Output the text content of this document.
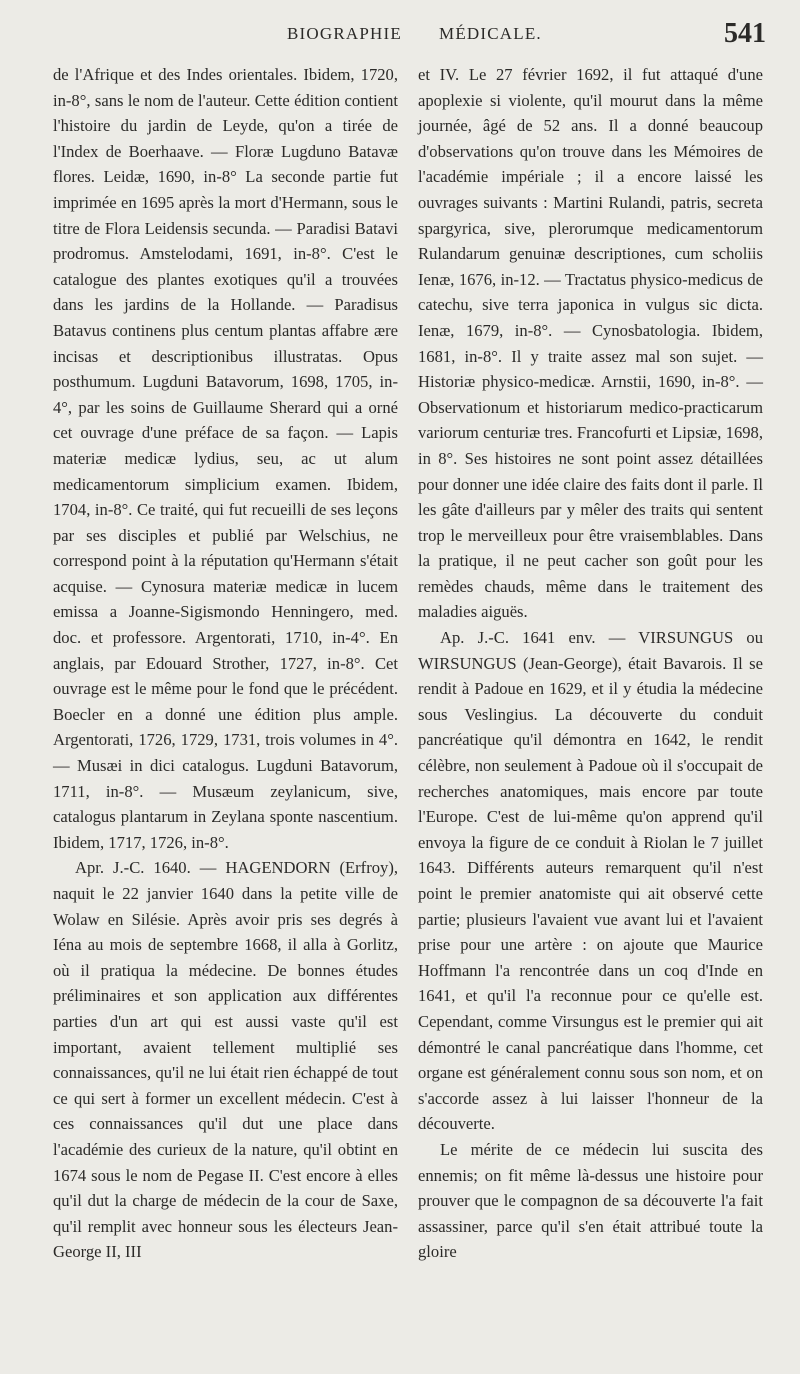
BIOGRAPHIE MÉDICALE.	541

de l'Afrique et des Indes orientales. Ibidem, 1720, in-8°, sans le nom de l'auteur. Cette édition contient l'histoire du jardin de Leyde, qu'on a tirée de l'Index de Boerhaave. — Floræ Lugduno Batavæ flores. Leidæ, 1690, in-8° La seconde partie fut imprimée en 1695 après la mort d'Hermann, sous le titre de Flora Leidensis secunda. — Paradisi Batavi prodromus. Amstelodami, 1691, in-8°. C'est le catalogue des plantes exotiques qu'il a trouvées dans les jardins de la Hollande. — Paradisus Batavus continens plus centum plantas affabre ære incisas et descriptionibus illustratas. Opus posthumum. Lugduni Batavorum, 1698, 1705, in-4°, par les soins de Guillaume Sherard qui a orné cet ouvrage d'une préface de sa façon. — Lapis materiæ medicæ lydius, seu, ac ut alum medicamentorum simplicium examen. Ibidem, 1704, in-8°. Ce traité, qui fut recueilli de ses leçons par ses disciples et publié par Welschius, ne correspond point à la réputation qu'Hermann s'était acquise. — Cynosura materiæ medicæ in lucem emissa a Joanne-Sigismondo Henningero, med. doc. et professore. Argentorati, 1710, in-4°. En anglais, par Edouard Strother, 1727, in-8°. Cet ouvrage est le même pour le fond que le précédent. Boecler en a donné une édition plus ample. Argentorati, 1726, 1729, 1731, trois volumes in 4°. — Musæi in dici catalogus. Lugduni Batavorum, 1711, in-8°. — Musæum zeylanicum, sive, catalogus plantarum in Zeylana sponte nascentium. Ibidem, 1717, 1726, in-8°.

Apr. J.-C. 1640. — HAGENDORN (Erfroy), naquit le 22 janvier 1640 dans la petite ville de Wolaw en Silésie. Après avoir pris ses degrés à Iéna au mois de septembre 1668, il alla à Gorlitz, où il pratiqua la médecine. De bonnes études préliminaires et son application aux différentes parties d'un art qui est aussi vaste qu'il est important, avaient tellement multiplié ses connaissances, qu'il ne lui était rien échappé de tout ce qui sert à former un excellent médecin. C'est à ces connaissances qu'il dut une place dans l'académie des curieux de la nature, qu'il obtint en 1674 sous le nom de Pegase II. C'est encore à elles qu'il dut la charge de médecin de la cour de Saxe, qu'il remplit avec honneur sous les électeurs Jean-George II, III

et IV. Le 27 février 1692, il fut attaqué d'une apoplexie si violente, qu'il mourut dans la même journée, âgé de 52 ans. Il a donné beaucoup d'observations qu'on trouve dans les Mémoires de l'académie impériale ; il a encore laissé les ouvrages suivants : Martini Rulandi, patris, secreta spargyrica, sive, plerorumque medicamentorum Rulandarum genuinæ descriptiones, cum scholiis Ienæ, 1676, in-12. — Tractatus physico-medicus de catechu, sive terra japonica in vulgus sic dicta. Ienæ, 1679, in-8°. — Cynosbatologia. Ibidem, 1681, in-8°. Il y traite assez mal son sujet. — Historiæ physico-medicæ. Arnstii, 1690, in-8°. — Observationum et historiarum medico-practicarum variorum centuriæ tres. Francofurti et Lipsiæ, 1698, in 8°. Ses histoires ne sont point assez détaillées pour donner une idée claire des faits dont il parle. Il les gâte d'ailleurs par y mêler des traits qui sentent trop le merveilleux pour être vraisemblables. Dans la pratique, il ne peut cacher son goût pour les remèdes chauds, même dans le traitement des maladies aiguës.

Ap. J.-C. 1641 env. — VIRSUNGUS ou WIRSUNGUS (Jean-George), était Bavarois. Il se rendit à Padoue en 1629, et il y étudia la médecine sous Veslingius. La découverte du conduit pancréatique qu'il démontra en 1642, le rendit célèbre, non seulement à Padoue où il s'occupait de recherches anatomiques, mais encore par toute l'Europe. C'est de lui-même qu'on apprend qu'il envoya la figure de ce conduit à Riolan le 7 juillet 1643. Différents auteurs remarquent qu'il n'est point le premier anatomiste qui ait observé cette partie; plusieurs l'avaient vue avant lui et l'avaient prise pour une artère : on ajoute que Maurice Hoffmann l'a rencontrée dans un coq d'Inde en 1641, et qu'il l'a reconnue pour ce qu'elle est. Cependant, comme Virsungus est le premier qui ait démontré le canal pancréatique dans l'homme, cet organe est généralement connu sous son nom, et on s'accorde assez à lui laisser l'honneur de la découverte.

Le mérite de ce médecin lui suscita des ennemis; on fit même là-dessus une histoire pour prouver que le compagnon de sa découverte l'a fait assassiner, parce qu'il s'en était attribué toute la gloire
